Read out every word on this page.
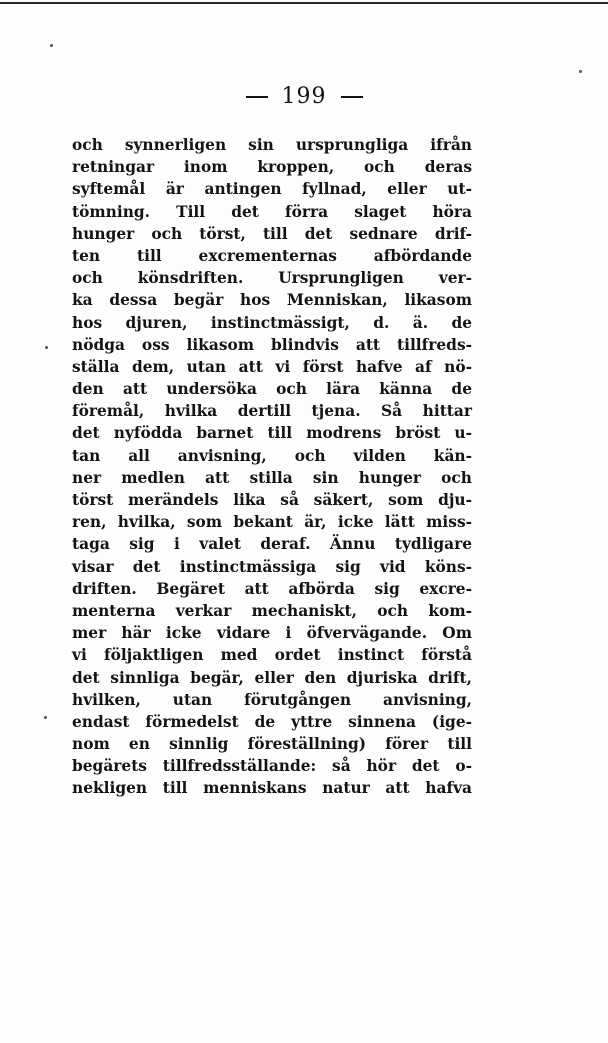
199
och synnerligen sin ursprungliga ifrån
retningar inom kroppen, och deras
syftemål är antingen fyllnad, eller ut-
tömning. Till det förra slaget höra
hunger och törst, till det sednare drif-
ten till excrementernas afbördande
och könsdriften. Ursprungligen ver-
ka dessa begär hos Menniskan, likasom
hos djuren, instinctmässigt, d. ä. de
nödga oss likasom blindvis att tillfreds-
ställa dem, utan att vi först hafve af nö-
den att undersöka och lära känna de
föremål, hvilka dertill tjena. Så hittar
det nyfödda barnet till modrens bröst u-
tan all anvisning, och vilden kän-
ner medlen att stilla sin hunger och
törst merändels lika så säkert, som dju-
ren, hvilka, som bekant är, icke lätt miss-
taga sig i valet deraf. Ännu tydligare
visar det instinctmässiga sig vid köns-
driften. Begäret att afbörda sig excre-
menterna verkar mechaniskt, och kom-
mer här icke vidare i öfvervägande. Om
vi följaktligen med ordet instinct förstå
det sinnliga begär, eller den djuriska drift,
hvilken, utan förutgången anvisning,
endast förmedelst de yttre sinnena (ige-
nom en sinnlig föreställning) förer till
begärets tillfredsställande: så hör det o-
nekligen till menniskans natur att hafva
